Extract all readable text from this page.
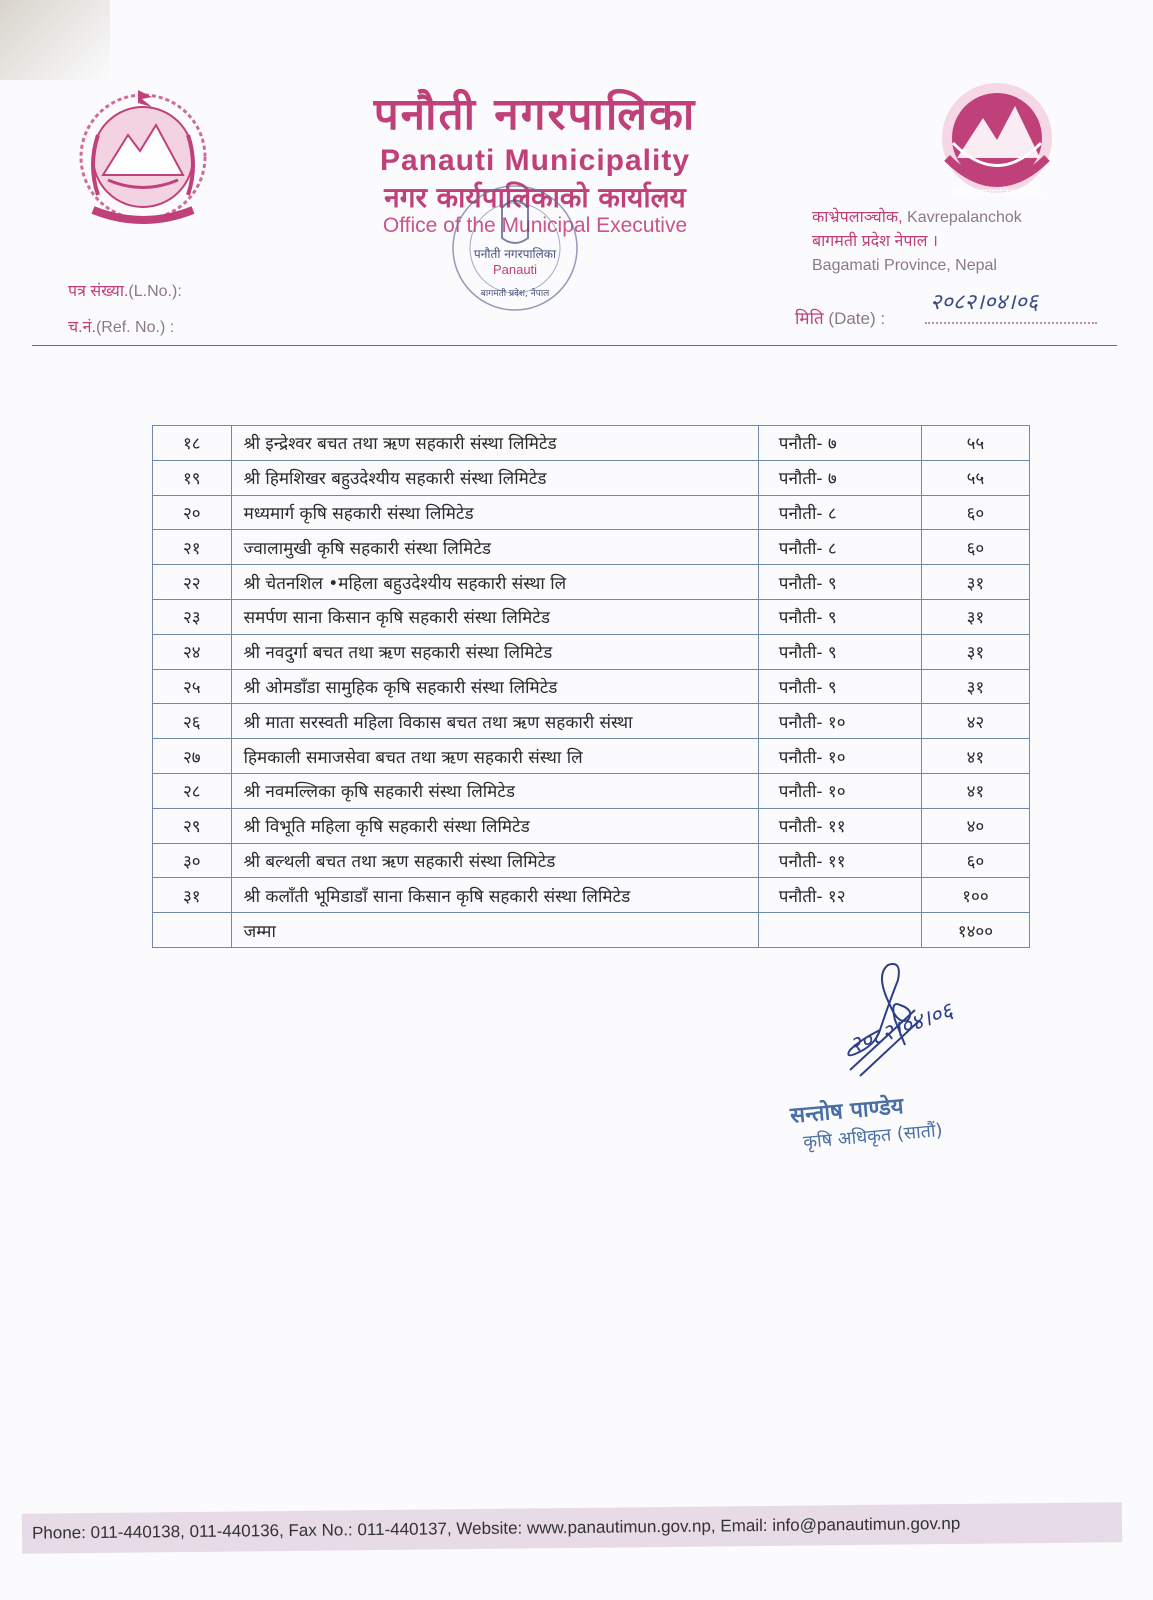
पनौती नगरपालिका
Panauti Municipality
नगर कार्यपालिकाको कार्यालय
Office of the Municipal Executive
पनौती नगरपालिका
Panauti
बागमती प्रदेश, नेपाल
पनौती नगरपालिका २०७०
काभ्रेपलाञ्चोक, Kavrepalanchok
बागमती प्रदेश नेपाल ।
Bagamati Province, Nepal
पत्र संख्या.(L.No.):
च.नं.(Ref. No.) :	मिति (Date) :
२०८२।०४।०६
१८	श्री इन्द्रेश्वर बचत तथा ऋण सहकारी संस्था लिमिटेड	पनौती- ७	५५
१९	श्री हिमशिखर बहुउदेश्यीय सहकारी संस्था लिमिटेड	पनौती- ७	५५
२०	मध्यमार्ग कृषि सहकारी संस्था लिमिटेड	पनौती- ८	६०
२१	ज्वालामुखी कृषि सहकारी संस्था लिमिटेड	पनौती- ८	६०
२२	श्री चेतनशिल •महिला बहुउदेश्यीय सहकारी संस्था लि	पनौती- ९	३१
२३	समर्पण साना किसान कृषि सहकारी संस्था लिमिटेड	पनौती- ९	३१
२४	श्री नवदुर्गा बचत तथा ऋण सहकारी संस्था लिमिटेड	पनौती- ९	३१
२५	श्री ओमडाँडा सामुहिक कृषि सहकारी संस्था लिमिटेड	पनौती- ९	३१
२६	श्री माता सरस्वती महिला विकास बचत तथा ऋण सहकारी संस्था	पनौती- १०	४२
२७	हिमकाली समाजसेवा बचत तथा ऋण सहकारी संस्था लि	पनौती- १०	४१
२८	श्री नवमल्लिका कृषि सहकारी संस्था लिमिटेड	पनौती- १०	४१
२९	श्री विभूति महिला कृषि सहकारी संस्था लिमिटेड	पनौती- ११	४०
३०	श्री बल्थली बचत तथा ऋण सहकारी संस्था लिमिटेड	पनौती- ११	६०
३१	श्री कलाँती भूमिडाडाँ साना किसान कृषि सहकारी संस्था लिमिटेड	पनौती- १२	१००
	जम्मा		१४००
२०८२।०४।०६
सन्तोष पाण्डेय
कृषि अधिकृत (सातौं)
Phone: 011-440138, 011-440136, Fax No.: 011-440137, Website: www.panautimun.gov.np, Email: info@panautimun.gov.np
